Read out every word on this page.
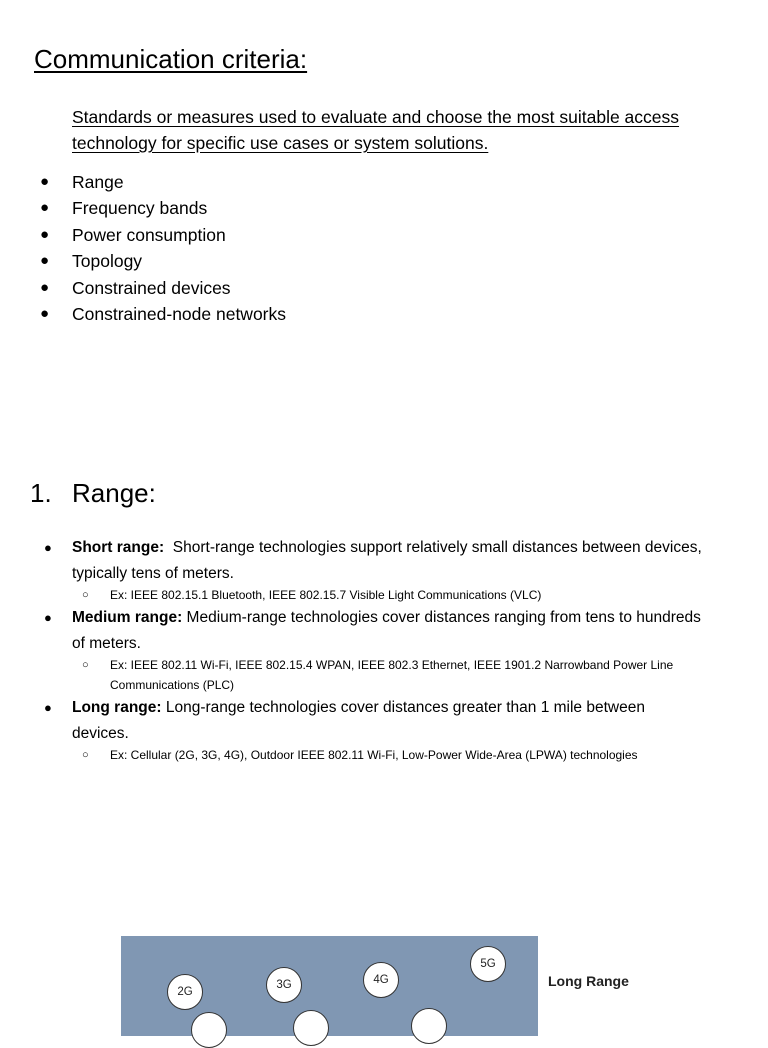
Communication criteria:
Standards or measures used to evaluate and choose the most suitable access technology for specific use cases or system solutions.
● Range
● Frequency bands
● Power consumption
● Topology
● Constrained devices
● Constrained-node networks
1. Range:
● Short range: Short-range technologies support relatively small distances between devices,
typically tens of meters.
○ Ex: IEEE 802.15.1 Bluetooth, IEEE 802.15.7 Visible Light Communications (VLC)
● Medium range: Medium-range technologies cover distances ranging from tens to hundreds
of meters.
○ Ex: IEEE 802.11 Wi-Fi, IEEE 802.15.4 WPAN, IEEE 802.3 Ethernet, IEEE 1901.2 Narrowband Power Line
Communications (PLC)
● Long range: Long-range technologies cover distances greater than 1 mile between
devices.
○ Ex: Cellular (2G, 3G, 4G), Outdoor IEEE 802.11 Wi-Fi, Low-Power Wide-Area (LPWA) technologies
2G
3G	4G
5G
Long Range
